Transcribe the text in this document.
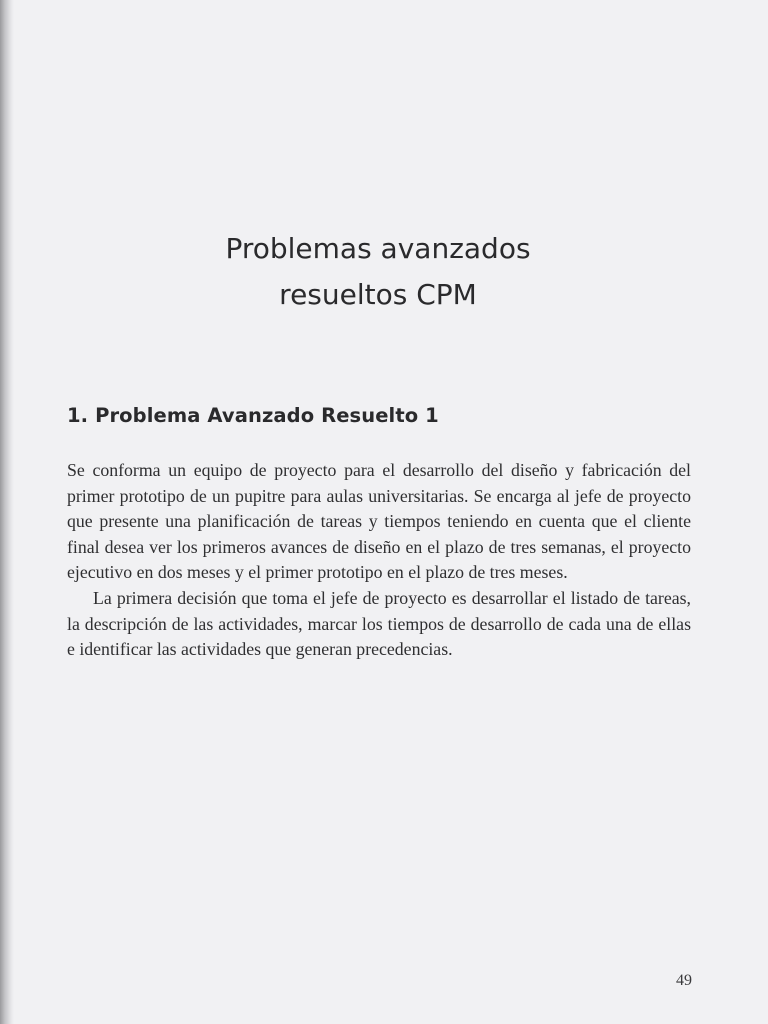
Problemas avanzados
resueltos CPM
1. Problema Avanzado Resuelto 1

Se conforma un equipo de proyecto para el desarrollo del diseño y fabricación del primer prototipo de un pupitre para aulas universitarias. Se encarga al jefe de proyecto que presente una planificación de tareas y tiempos teniendo en cuenta que el cliente final desea ver los primeros avances de diseño en el plazo de tres semanas, el proyecto ejecutivo en dos meses y el primer prototipo en el plazo de tres meses.

La primera decisión que toma el jefe de proyecto es desarrollar el listado de tareas, la descripción de las actividades, marcar los tiempos de desarrollo de cada una de ellas e identificar las actividades que generan precedencias.

49
